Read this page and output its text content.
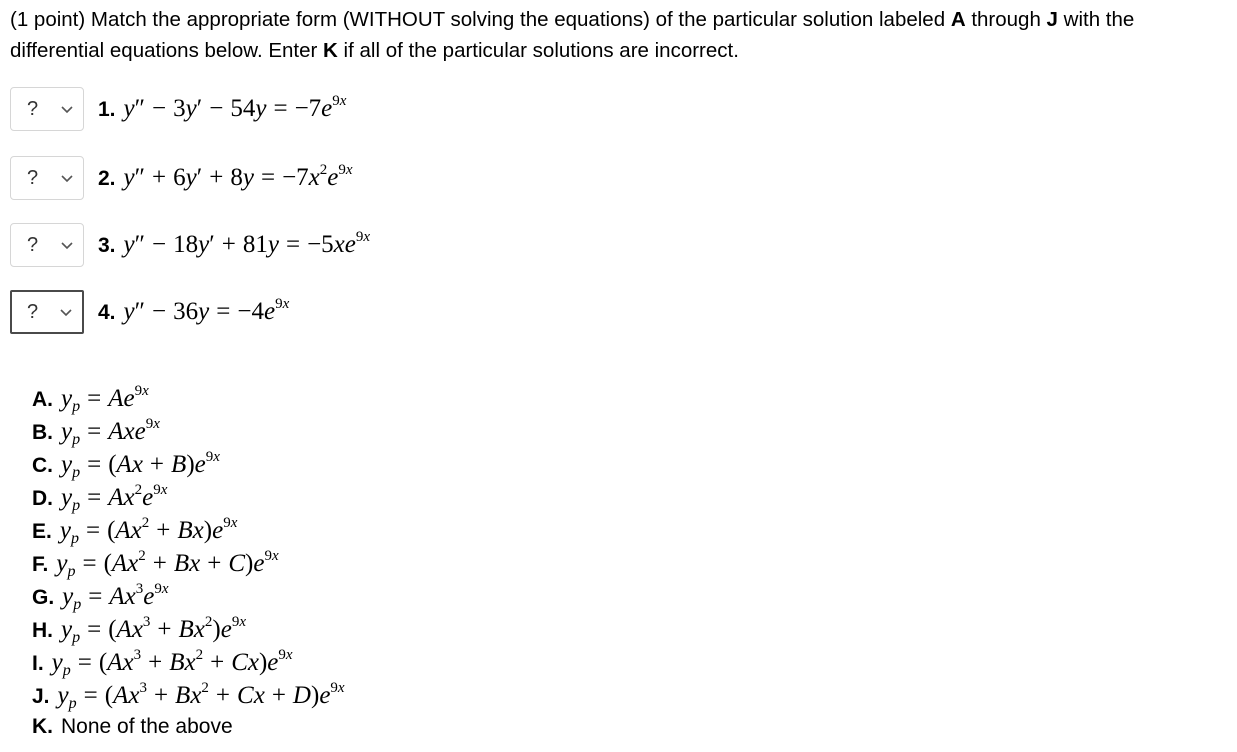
(1 point) Match the appropriate form (WITHOUT solving the equations) of the particular solution labeled A through J with the differential equations below. Enter K if all of the particular solutions are incorrect.
?	1. $y'' - 3y' - 54y = -7e^{9x}$
?	2. $y'' + 6y' + 8y = -7x^2e^{9x}$
?	3. $y'' - 18y' + 81y = -5xe^{9x}$
?	4. $y'' - 36y = -4e^{9x}$
A. $y_p = Ae^{9x}$
B. $y_p = Axe^{9x}$
C. $y_p = (Ax + B)e^{9x}$
D. $y_p = Ax^2e^{9x}$
E. $y_p = (Ax^2 + Bx)e^{9x}$
F. $y_p = (Ax^2 + Bx + C)e^{9x}$
G. $y_p = Ax^3e^{9x}$
H. $y_p = (Ax^3 + Bx^2)e^{9x}$
I. $y_p = (Ax^3 + Bx^2 + Cx)e^{9x}$
J. $y_p = (Ax^3 + Bx^2 + Cx + D)e^{9x}$
K. None of the above
